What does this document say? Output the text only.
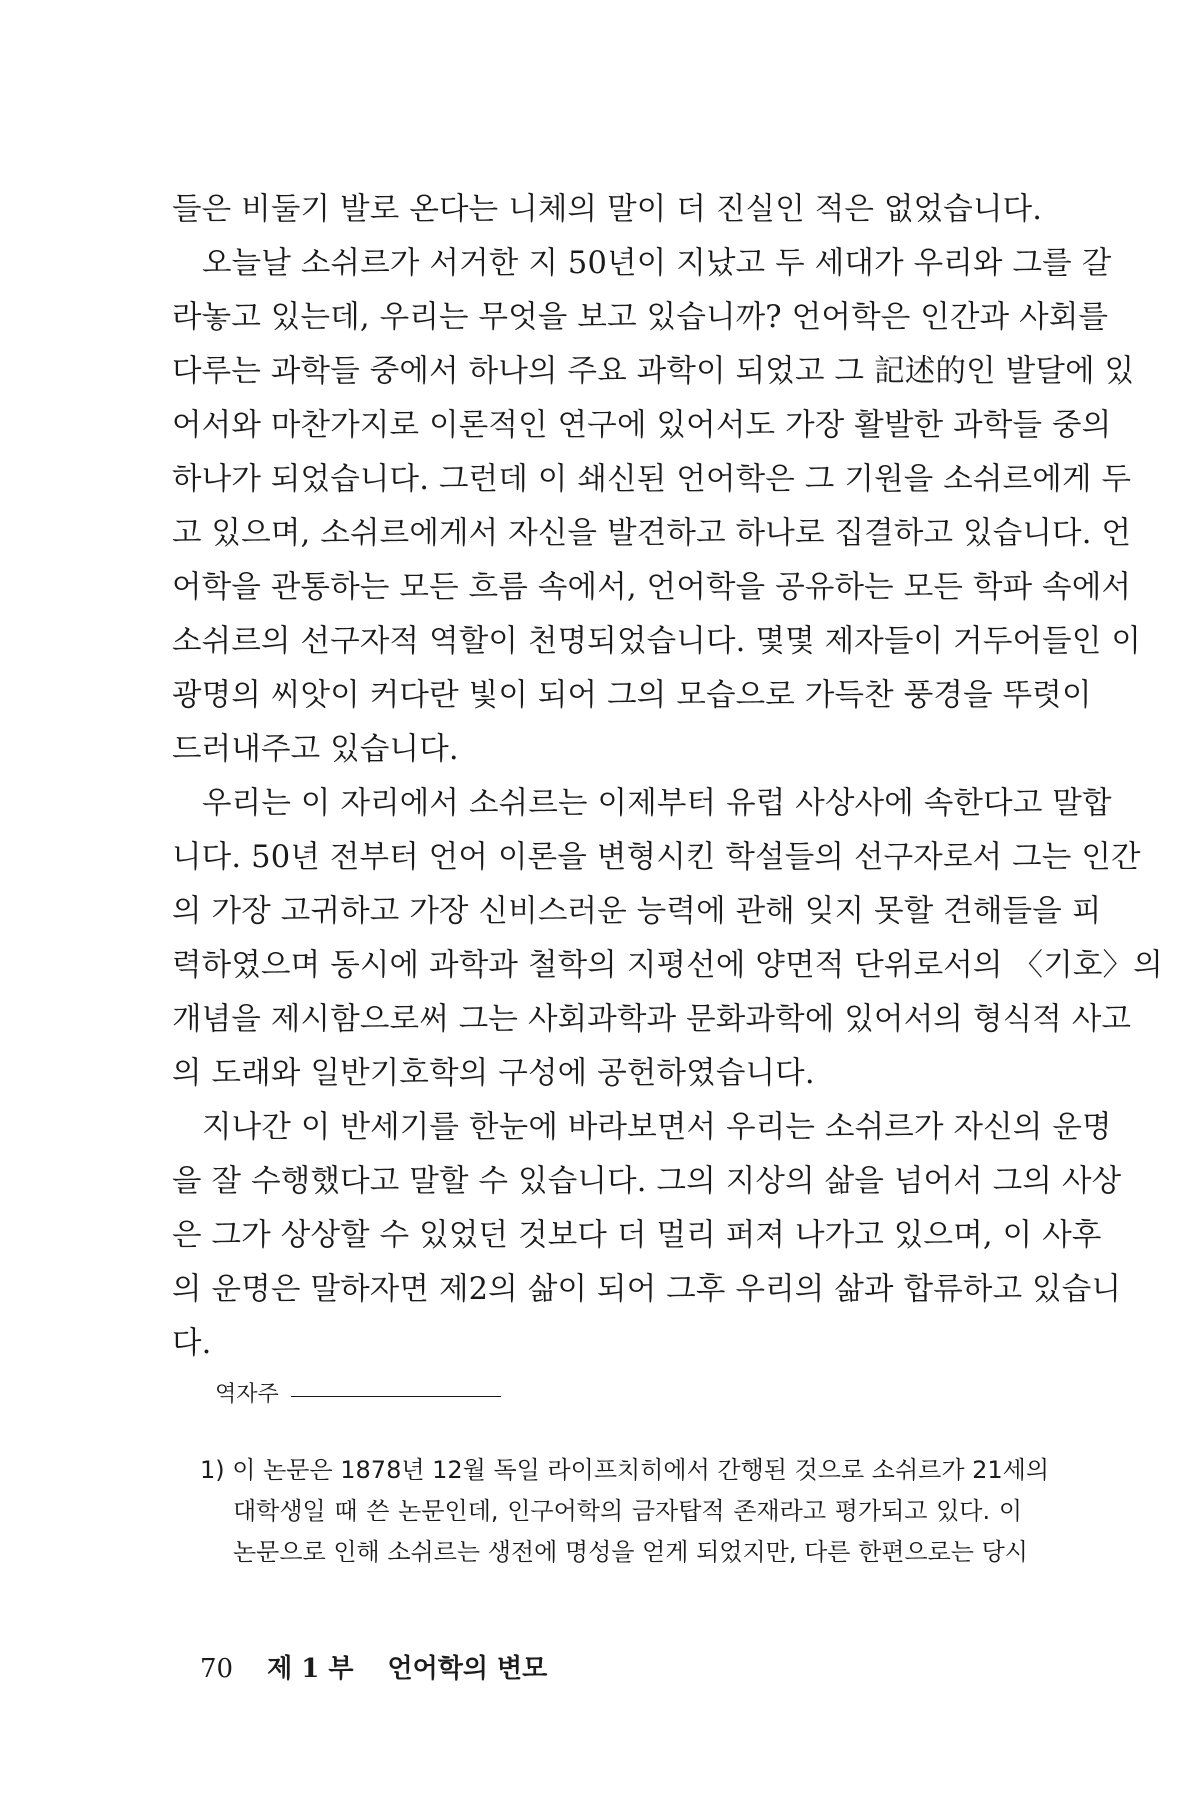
들은 비둘기 발로 온다는 니체의 말이 더 진실인 적은 없었습니다.
오늘날 소쉬르가 서거한 지 50년이 지났고 두 세대가 우리와 그를 갈
라놓고 있는데, 우리는 무엇을 보고 있습니까? 언어학은 인간과 사회를
다루는 과학들 중에서 하나의 주요 과학이 되었고 그 記述的인 발달에 있
어서와 마찬가지로 이론적인 연구에 있어서도 가장 활발한 과학들 중의
하나가 되었습니다. 그런데 이 쇄신된 언어학은 그 기원을 소쉬르에게 두
고 있으며, 소쉬르에게서 자신을 발견하고 하나로 집결하고 있습니다. 언
어학을 관통하는 모든 흐름 속에서, 언어학을 공유하는 모든 학파 속에서
소쉬르의 선구자적 역할이 천명되었습니다. 몇몇 제자들이 거두어들인 이
광명의 씨앗이 커다란 빛이 되어 그의 모습으로 가득찬 풍경을 뚜렷이
드러내주고 있습니다.
우리는 이 자리에서 소쉬르는 이제부터 유럽 사상사에 속한다고 말합
니다. 50년 전부터 언어 이론을 변형시킨 학설들의 선구자로서 그는 인간
의 가장 고귀하고 가장 신비스러운 능력에 관해 잊지 못할 견해들을 피
력하였으며 동시에 과학과 철학의 지평선에 양면적 단위로서의 〈기호〉의
개념을 제시함으로써 그는 사회과학과 문화과학에 있어서의 형식적 사고
의 도래와 일반기호학의 구성에 공헌하였습니다.
지나간 이 반세기를 한눈에 바라보면서 우리는 소쉬르가 자신의 운명
을 잘 수행했다고 말할 수 있습니다. 그의 지상의 삶을 넘어서 그의 사상
은 그가 상상할 수 있었던 것보다 더 멀리 퍼져 나가고 있으며, 이 사후
의 운명은 말하자면 제2의 삶이 되어 그후 우리의 삶과 합류하고 있습니
다.
역자주
1) 이 논문은 1878년 12월 독일 라이프치히에서 간행된 것으로 소쉬르가 21세의
대학생일 때 쓴 논문인데, 인구어학의 금자탑적 존재라고 평가되고 있다. 이
논문으로 인해 소쉬르는 생전에 명성을 얻게 되었지만, 다른 한편으로는 당시
70 제 1 부 언어학의 변모
